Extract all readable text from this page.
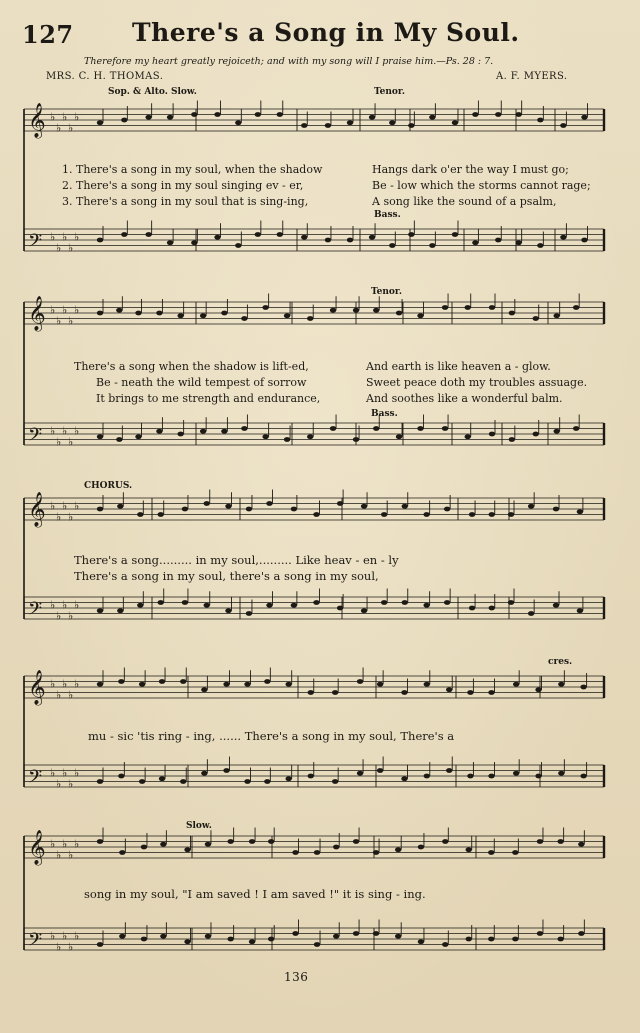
127 There's a Song in My Soul.
Therefore my heart greatly rejoiceth; and with my song will I praise him.—Ps. 28 : 7.
MRS. C. H. THOMAS.	A. F. MYERS.
𝄞 ♭
♭
♭
♭
♭
𝄢 ♭
♭
♭
♭
♭
𝄞 ♭
♭
♭
♭
♭
𝄢 ♭
♭
♭
♭
♭
𝄞 ♭
♭
♭
♭
♭
𝄢 ♭
♭
♭
♭
♭
𝄞 ♭
♭
♭
♭
♭
𝄢 ♭
♭
♭
♭
♭
𝄞 ♭
♭
♭
♭
♭
𝄢 ♭
♭
♭
♭
♭
Sop. & Alto. Slow.	Tenor.
Bass.
1. There's a song in my soul, when the shadow	Hangs dark o'er the way I must go;
2. There's a song in my soul singing ev - er,	Be - low which the storms cannot rage;
3. There's a song in my soul that is sing-ing,	A song like the sound of a psalm,
Tenor.
Bass.
There's a song when the shadow is lift-ed,	And earth is like heaven a - glow.
Be - neath the wild tempest of sorrow	Sweet peace doth my troubles assuage.
It brings to me strength and endurance,	And soothes like a wonderful balm.
CHORUS.
There's a song......... in my soul,......... Like heav - en - ly
There's a song in my soul, there's a song in my soul,
cres.
mu - sic 'tis ring - ing, ...... There's a song in my soul, There's a
Slow.
song in my soul, "I am saved ! I am saved !" it is sing - ing.
136
